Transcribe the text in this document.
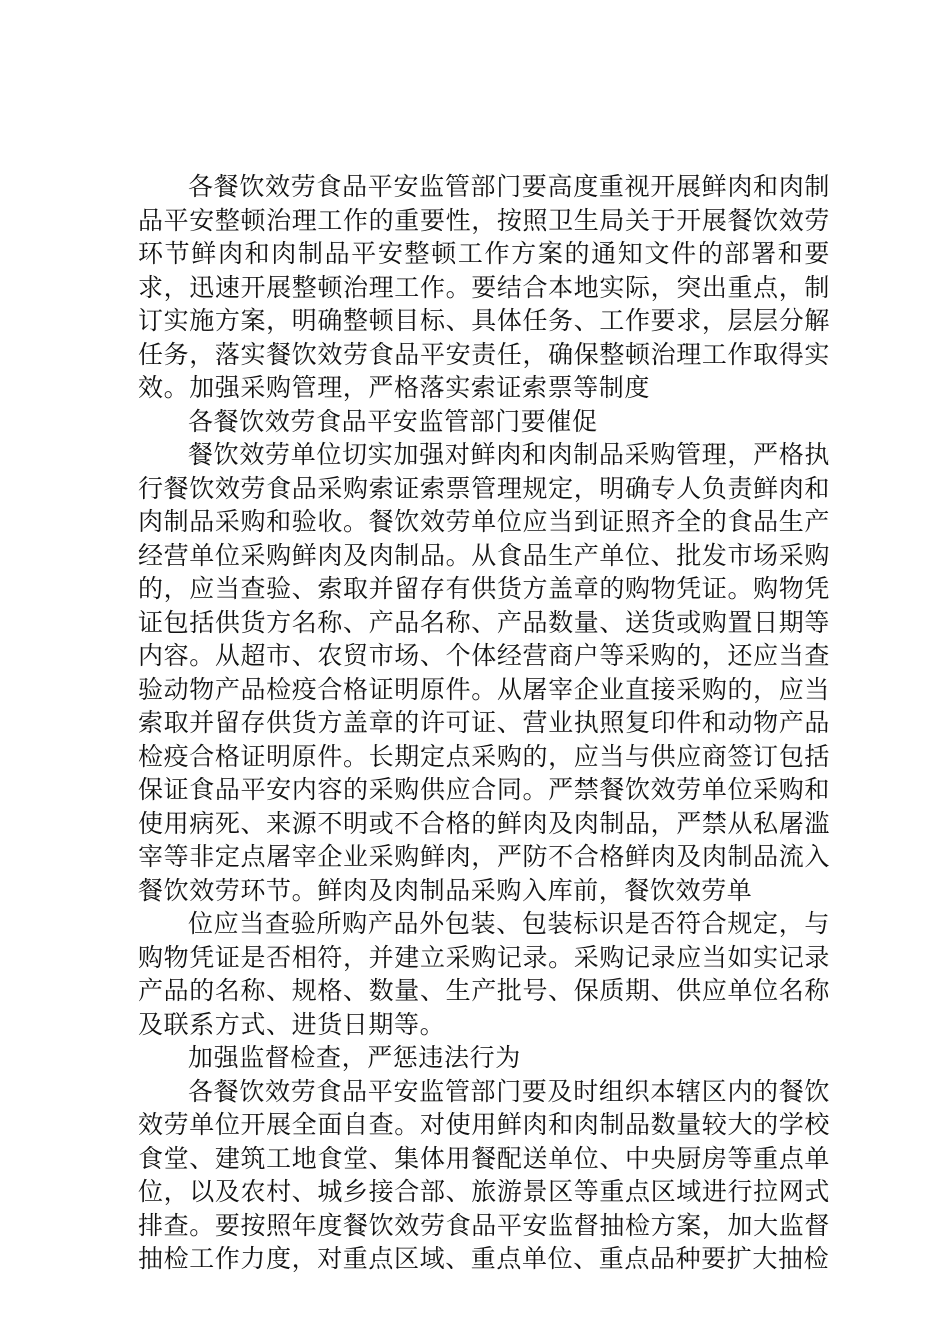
各餐饮效劳食品平安监管部门要高度重视开展鲜肉和肉制品平安整顿治理工作的重要性，按照卫生局关于开展餐饮效劳环节鲜肉和肉制品平安整顿工作方案的通知文件的部署和要求，迅速开展整顿治理工作。要结合本地实际，突出重点，制订实施方案，明确整顿目标、具体任务、工作要求，层层分解任务，落实餐饮效劳食品平安责任，确保整顿治理工作取得实效。加强采购管理，严格落实索证索票等制度

各餐饮效劳食品平安监管部门要催促

餐饮效劳单位切实加强对鲜肉和肉制品采购管理，严格执行餐饮效劳食品采购索证索票管理规定，明确专人负责鲜肉和肉制品采购和验收。餐饮效劳单位应当到证照齐全的食品生产经营单位采购鲜肉及肉制品。从食品生产单位、批发市场采购的，应当查验、索取并留存有供货方盖章的购物凭证。购物凭证包括供货方名称、产品名称、产品数量、送货或购置日期等内容。从超市、农贸市场、个体经营商户等采购的，还应当查验动物产品检疫合格证明原件。从屠宰企业直接采购的，应当索取并留存供货方盖章的许可证、营业执照复印件和动物产品检疫合格证明原件。长期定点采购的，应当与供应商签订包括保证食品平安内容的采购供应合同。严禁餐饮效劳单位采购和使用病死、来源不明或不合格的鲜肉及肉制品，严禁从私屠滥宰等非定点屠宰企业采购鲜肉，严防不合格鲜肉及肉制品流入餐饮效劳环节。鲜肉及肉制品采购入库前，餐饮效劳单

位应当查验所购产品外包装、包装标识是否符合规定，与购物凭证是否相符，并建立采购记录。采购记录应当如实记录产品的名称、规格、数量、生产批号、保质期、供应单位名称及联系方式、进货日期等。

加强监督检查，严惩违法行为

各餐饮效劳食品平安监管部门要及时组织本辖区内的餐饮效劳单位开展全面自查。对使用鲜肉和肉制品数量较大的学校食堂、建筑工地食堂、集体用餐配送单位、中央厨房等重点单位，以及农村、城乡接合部、旅游景区等重点区域进行拉网式排查。要按照年度餐饮效劳食品平安监督抽检方案，加大监督抽检工作力度，对重点区域、重点单位、重点品种要扩大抽检
